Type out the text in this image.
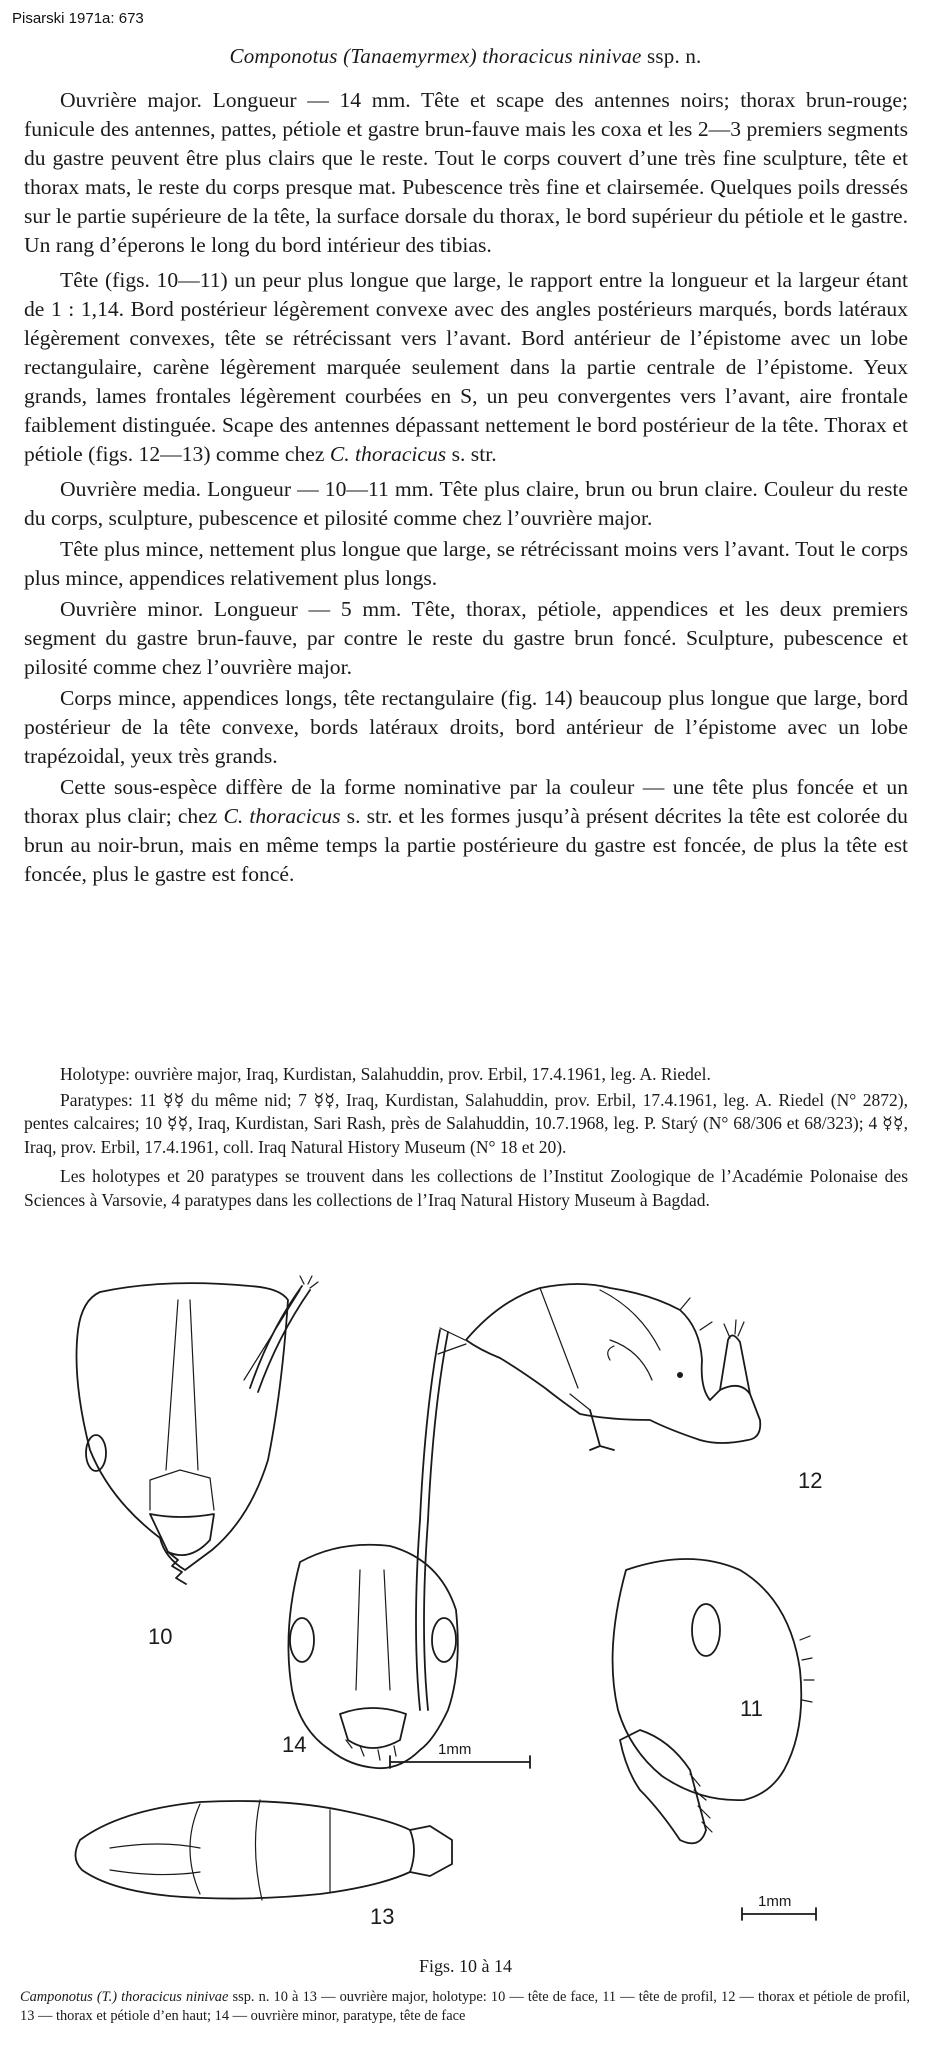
Pisarski 1971a: 673
Componotus (Tanaemyrmex) thoracicus ninivae ssp. n.

Ouvrière major. Longueur — 14 mm. Tête et scape des antennes noirs; thorax brun-rouge; funicule des antennes, pattes, pétiole et gastre brun-fauve mais les coxa et les 2—3 premiers segments du gastre peuvent être plus clairs que le reste. Tout le corps couvert d’une très fine sculpture, tête et thorax mats, le reste du corps presque mat. Pubescence très fine et clairsemée. Quelques poils dressés sur le partie supérieure de la tête, la surface dorsale du thorax, le bord supérieur du pétiole et le gastre. Un rang d’éperons le long du bord intérieur des tibias.

Tête (figs. 10—11) un peur plus longue que large, le rapport entre la longueur et la largeur étant de 1 : 1,14. Bord postérieur légèrement convexe avec des angles postérieurs marqués, bords latéraux légèrement convexes, tête se rétrécissant vers l’avant. Bord antérieur de l’épistome avec un lobe rectangulaire, carène légèrement marquée seulement dans la partie centrale de l’épistome. Yeux grands, lames frontales légèrement courbées en S, un peu convergentes vers l’avant, aire frontale faiblement distinguée. Scape des antennes dépassant nettement le bord postérieur de la tête. Thorax et pétiole (figs. 12—13) comme chez C. thoracicus s. str.

Ouvrière media. Longueur — 10—11 mm. Tête plus claire, brun ou brun claire. Couleur du reste du corps, sculpture, pubescence et pilosité comme chez l’ouvrière major.

Tête plus mince, nettement plus longue que large, se rétrécissant moins vers l’avant. Tout le corps plus mince, appendices relativement plus longs.

Ouvrière minor. Longueur — 5 mm. Tête, thorax, pétiole, appendices et les deux premiers segment du gastre brun-fauve, par contre le reste du gastre brun foncé. Sculpture, pubescence et pilosité comme chez l’ouvrière major.

Corps mince, appendices longs, tête rectangulaire (fig. 14) beaucoup plus longue que large, bord postérieur de la tête convexe, bords latéraux droits, bord antérieur de l’épistome avec un lobe trapézoidal, yeux très grands.

Cette sous-espèce diffère de la forme nominative par la couleur — une tête plus foncée et un thorax plus clair; chez C. thoracicus s. str. et les formes jusqu’à présent décrites la tête est colorée du brun au noir-brun, mais en même temps la partie postérieure du gastre est foncée, de plus la tête est foncée, plus le gastre est foncé.

Holotype: ouvrière major, Iraq, Kurdistan, Salahuddin, prov. Erbil, 17.4.1961, leg. A. Riedel.

Paratypes: 11 ☿☿ du même nid; 7 ☿☿, Iraq, Kurdistan, Salahuddin, prov. Erbil, 17.4.1961, leg. A. Riedel (N° 2872), pentes calcaires; 10 ☿☿, Iraq, Kurdistan, Sari Rash, près de Salahuddin, 10.7.1968, leg. P. Starý (N° 68/306 et 68/323); 4 ☿☿, Iraq, prov. Erbil, 17.4.1961, coll. Iraq Natural History Museum (N° 18 et 20).

Les holotypes et 20 paratypes se trouvent dans les collections de l’Institut Zoologique de l’Académie Polonaise des Sciences à Varsovie, 4 paratypes dans les collections de l’Iraq Natural History Museum à Bagdad.

1mm
1mm
10
11
12
13
14
Figs. 10 à 14
Camponotus (T.) thoracicus ninivae ssp. n. 10 à 13 — ouvrière major, holotype: 10 — tête de face, 11 — tête de profil, 12 — thorax et pétiole de profil, 13 — thorax et pétiole d’en haut; 14 — ouvrière minor, paratype, tête de face
